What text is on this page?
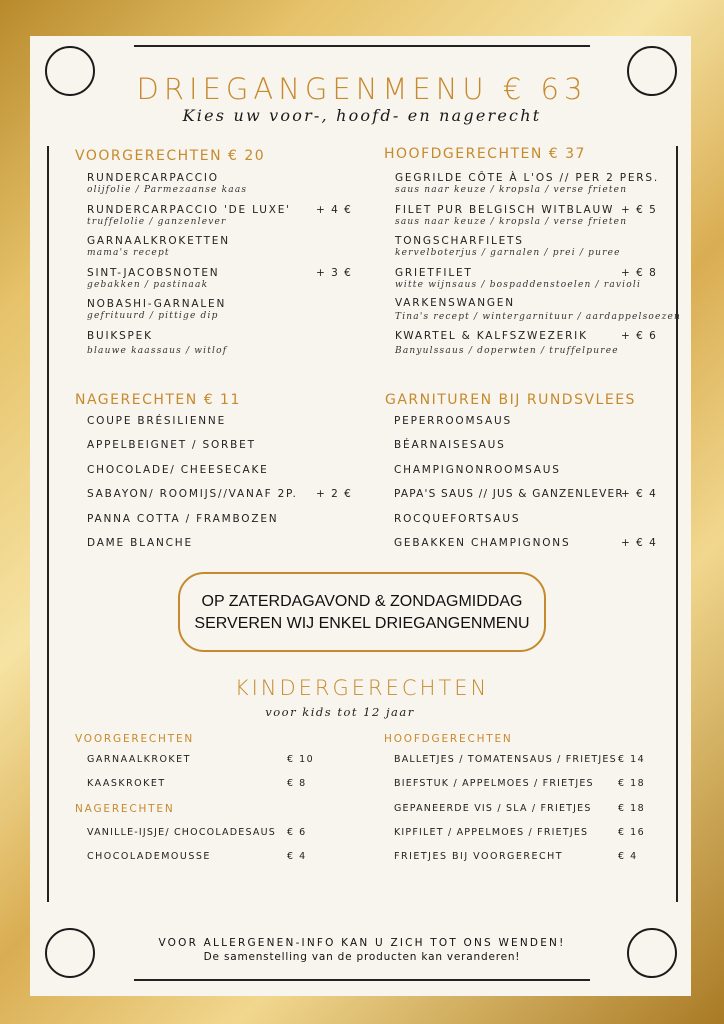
DRIEGANGENMENU € 63
Kies uw voor-, hoofd- en nagerecht
VOORGERECHTEN € 20
RUNDERCARPACCIO
olijfolie / Parmezaanse kaas
RUNDERCARPACCIO 'DE LUXE' + 4 €
truffelolie / ganzenlever
GARNAALKROKETTEN
mama's recept
SINT-JACOBSNOTEN	+ 3 €
gebakken / pastinaak
NOBASHI-GARNALEN
gefrituurd / pittige dip
BUIKSPEK
blauwe kaassaus / witlof
HOOFDGERECHTEN € 37
GEGRILDE CÔTE À L'OS // PER 2 PERS.
saus naar keuze / kropsla / verse frieten
FILET PUR BELGISCH WITBLAUW + € 5
saus naar keuze / kropsla / verse frieten
TONGSCHARFILETS
kervelboterjus / garnalen / prei / puree
GRIETFILET	+ € 8
witte wijnsaus / bospaddenstoelen / ravioli
VARKENSWANGEN
Tina's recept / wintergarnituur / aardappelsoezen
KWARTEL & KALFSZWEZERIK	+ € 6
Banyulssaus / doperwten / truffelpuree
NAGERECHTEN € 11
COUPE BRÉSILIENNE
APPELBEIGNET / SORBET
CHOCOLADE/ CHEESECAKE
SABAYON/ ROOMIJS//VANAF 2P. + 2 €
PANNA COTTA / FRAMBOZEN
DAME BLANCHE
GARNITUREN BIJ RUNDSVLEES
PEPERROOMSAUS
BÉARNAISESAUS
CHAMPIGNONROOMSAUS
PAPA'S SAUS // JUS & GANZENLEVER
+ € 4
ROCQUEFORTSAUS
GEBAKKEN CHAMPIGNONS	+ € 4
OP ZATERDAGAVOND & ZONDAGMIDDAG
SERVEREN WIJ ENKEL DRIEGANGENMENU
KINDERGERECHTEN
voor kids tot 12 jaar
VOORGERECHTEN
GARNAALKROKET	€ 10
KAASKROKET	€ 8
NAGERECHTEN
VANILLE-IJSJE/ CHOCOLADESAUS € 6
CHOCOLADEMOUSSE	€ 4
HOOFDGERECHTEN
BALLETJES / TOMATENSAUS / FRIETJES € 14
BIEFSTUK / APPELMOES / FRIETJES	€ 18
GEPANEERDE VIS / SLA / FRIETJES	€ 18
KIPFILET / APPELMOES / FRIETJES	€ 16
FRIETJES BIJ VOORGERECHT	€ 4
VOOR ALLERGENEN-INFO KAN U ZICH TOT ONS WENDEN!
De samenstelling van de producten kan veranderen!
